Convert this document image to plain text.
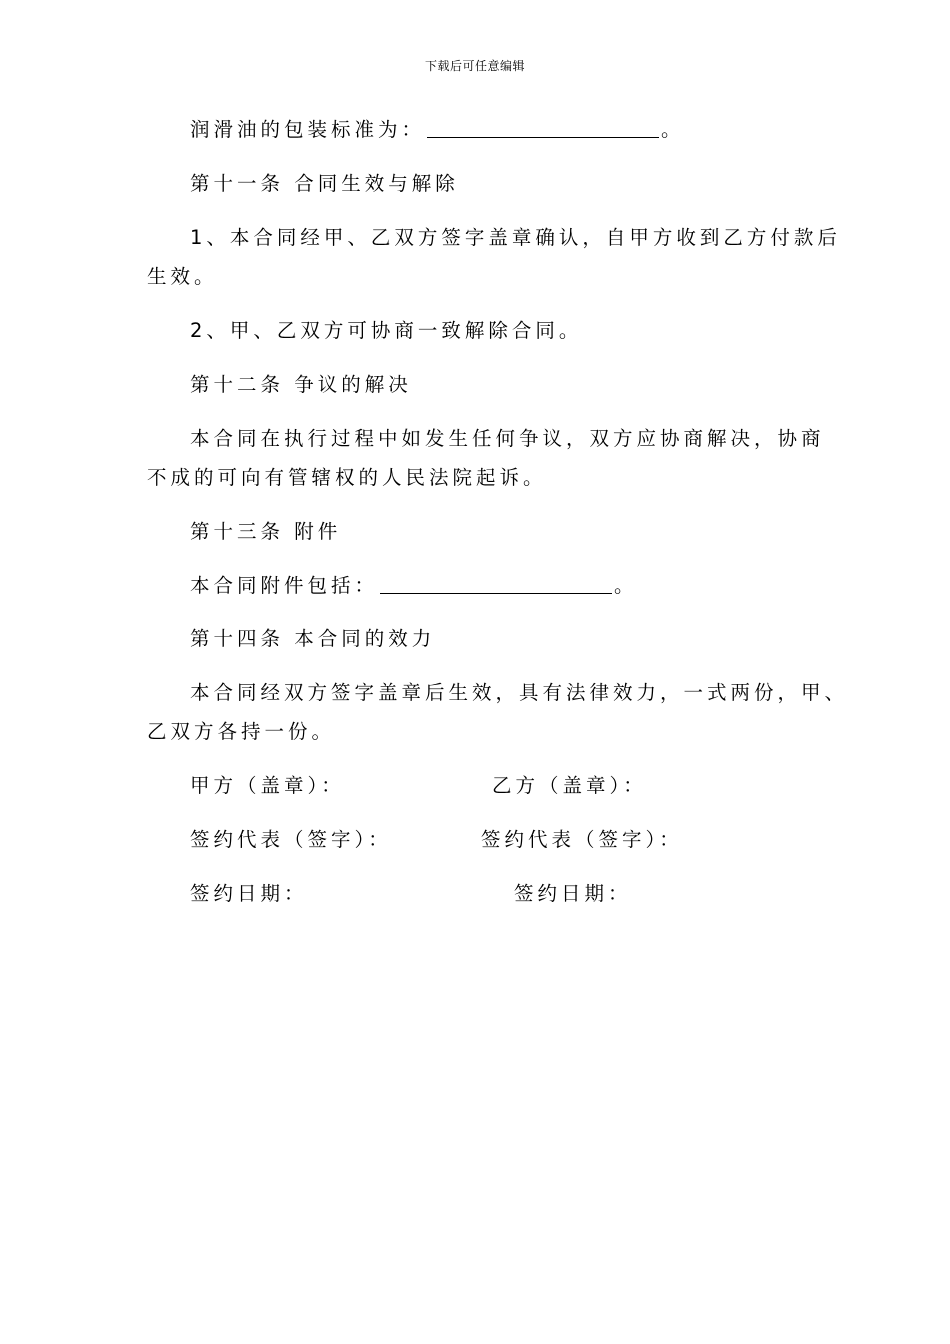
下载后可任意编辑
润滑油的包装标准为：	。
第十一条 合同生效与解除
1、本合同经甲、乙双方签字盖章确认，自甲方收到乙方付款后
生效。
2、甲、乙双方可协商一致解除合同。
第十二条 争议的解决
本合同在执行过程中如发生任何争议，双方应协商解决，协商
不成的可向有管辖权的人民法院起诉。
第十三条 附件
本合同附件包括：	。
第十四条 本合同的效力
本合同经双方签字盖章后生效，具有法律效力，一式两份，甲、
乙双方各持一份。
甲方（盖章）：	乙方（盖章）：
签约代表（签字）：	签约代表（签字）：
签约日期：	签约日期：
